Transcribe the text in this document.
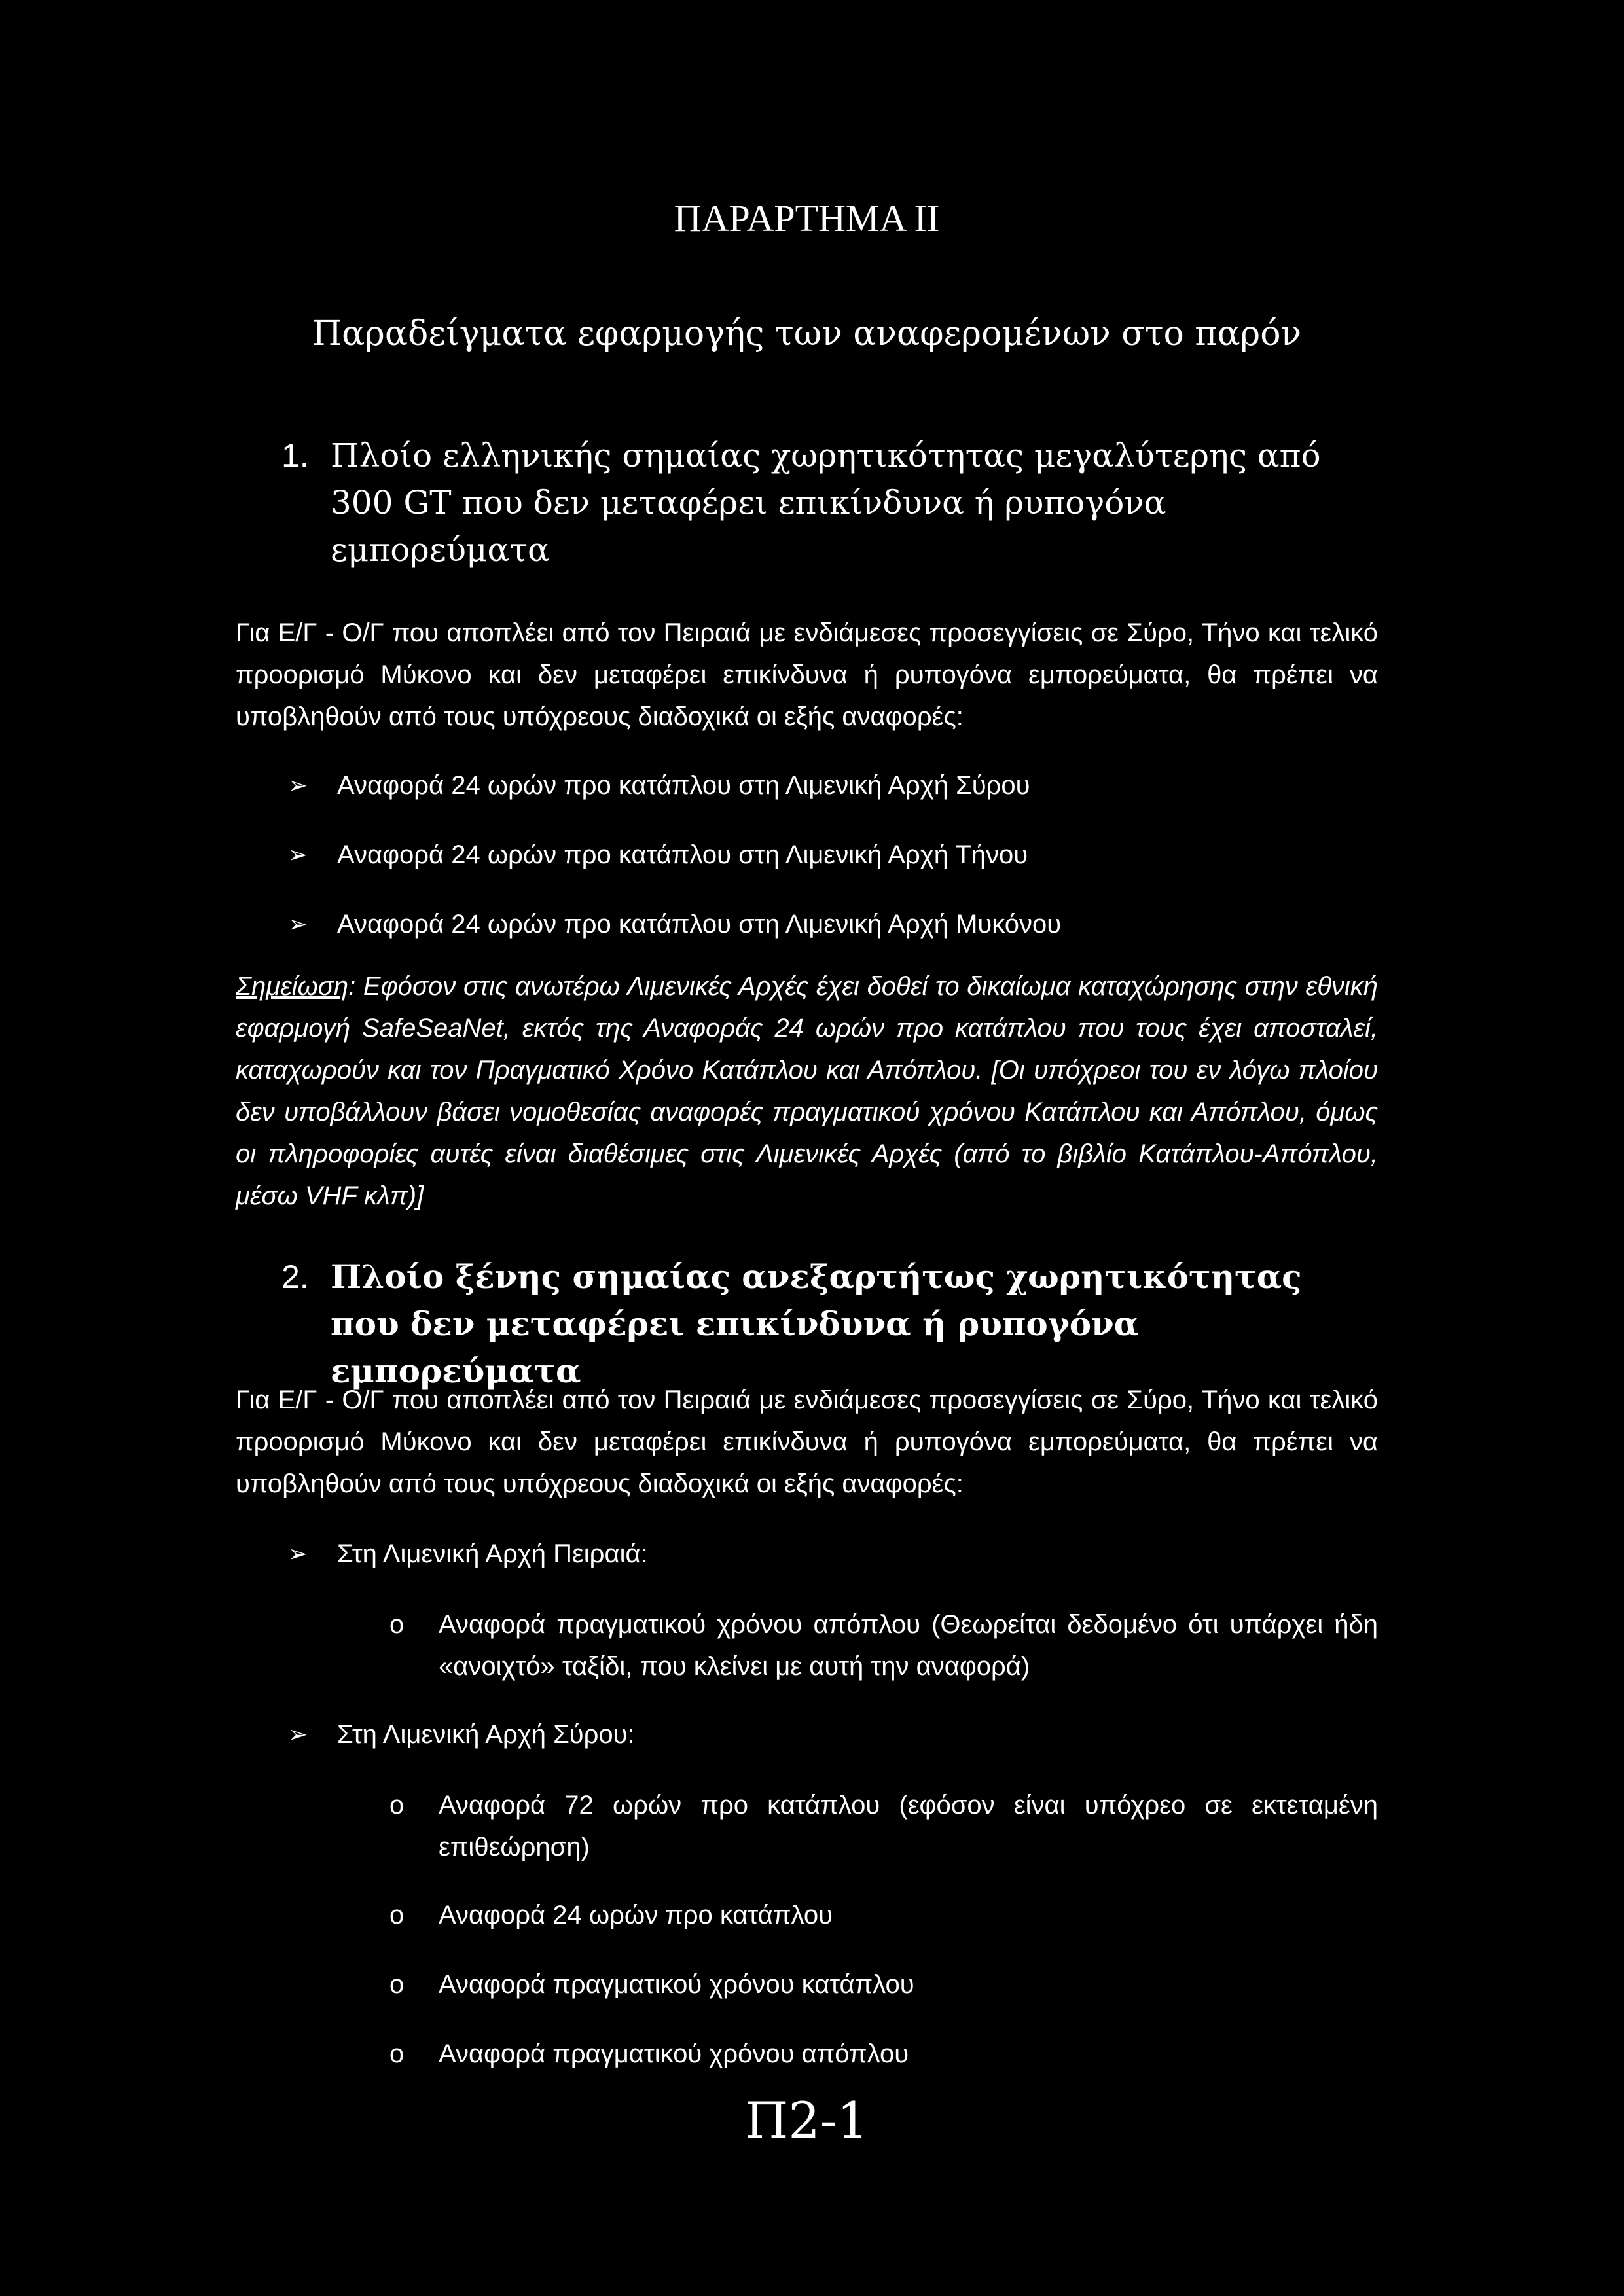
ΠΑΡΑΡΤΗΜΑ ΙΙ
Παραδείγματα εφαρμογής των αναφερομένων στο παρόν
1. Πλοίο ελληνικής σημαίας χωρητικότητας μεγαλύτερης από 300 GT που δεν μεταφέρει επικίνδυνα ή ρυπογόνα εμπορεύματα

Για Ε/Γ - Ο/Γ που αποπλέει από τον Πειραιά με ενδιάμεσες προσεγγίσεις σε Σύρο, Τήνο και τελικό προορισμό Μύκονο και δεν μεταφέρει επικίνδυνα ή ρυπογόνα εμπορεύματα, θα πρέπει να υποβληθούν από τους υπόχρεους διαδοχικά οι εξής αναφορές:

➢ Αναφορά 24 ωρών προ κατάπλου στη Λιμενική Αρχή Σύρου
➢ Αναφορά 24 ωρών προ κατάπλου στη Λιμενική Αρχή Τήνου
➢ Αναφορά 24 ωρών προ κατάπλου στη Λιμενική Αρχή Μυκόνου

Σημείωση: Εφόσον στις ανωτέρω Λιμενικές Αρχές έχει δοθεί το δικαίωμα καταχώρησης στην εθνική εφαρμογή SafeSeaNet, εκτός της Αναφοράς 24 ωρών προ κατάπλου που τους έχει αποσταλεί, καταχωρούν και τον Πραγματικό Χρόνο Κατάπλου και Απόπλου. [Οι υπόχρεοι του εν λόγω πλοίου δεν υποβάλλουν βάσει νομοθεσίας αναφορές πραγματικού χρόνου Κατάπλου και Απόπλου, όμως οι πληροφορίες αυτές είναι διαθέσιμες στις Λιμενικές Αρχές (από το βιβλίο Κατάπλου-Απόπλου, μέσω VHF κλπ)]

2. Πλοίο ξένης σημαίας ανεξαρτήτως χωρητικότητας που δεν μεταφέρει επικίνδυνα ή ρυπογόνα εμπορεύματα

Για Ε/Γ - Ο/Γ που αποπλέει από τον Πειραιά με ενδιάμεσες προσεγγίσεις σε Σύρο, Τήνο και τελικό προορισμό Μύκονο και δεν μεταφέρει επικίνδυνα ή ρυπογόνα εμπορεύματα, θα πρέπει να υποβληθούν από τους υπόχρεους διαδοχικά οι εξής αναφορές:

➢ Στη Λιμενική Αρχή Πειραιά:
o Αναφορά πραγματικού χρόνου απόπλου (Θεωρείται δεδομένο ότι υπάρχει ήδη «ανοιχτό» ταξίδι, που κλείνει με αυτή την αναφορά)
➢ Στη Λιμενική Αρχή Σύρου:
o Αναφορά 72 ωρών προ κατάπλου (εφόσον είναι υπόχρεο σε εκτεταμένη επιθεώρηση)
o Αναφορά 24 ωρών προ κατάπλου
o Αναφορά πραγματικού χρόνου κατάπλου
o Αναφορά πραγματικού χρόνου απόπλου

Π2-1
